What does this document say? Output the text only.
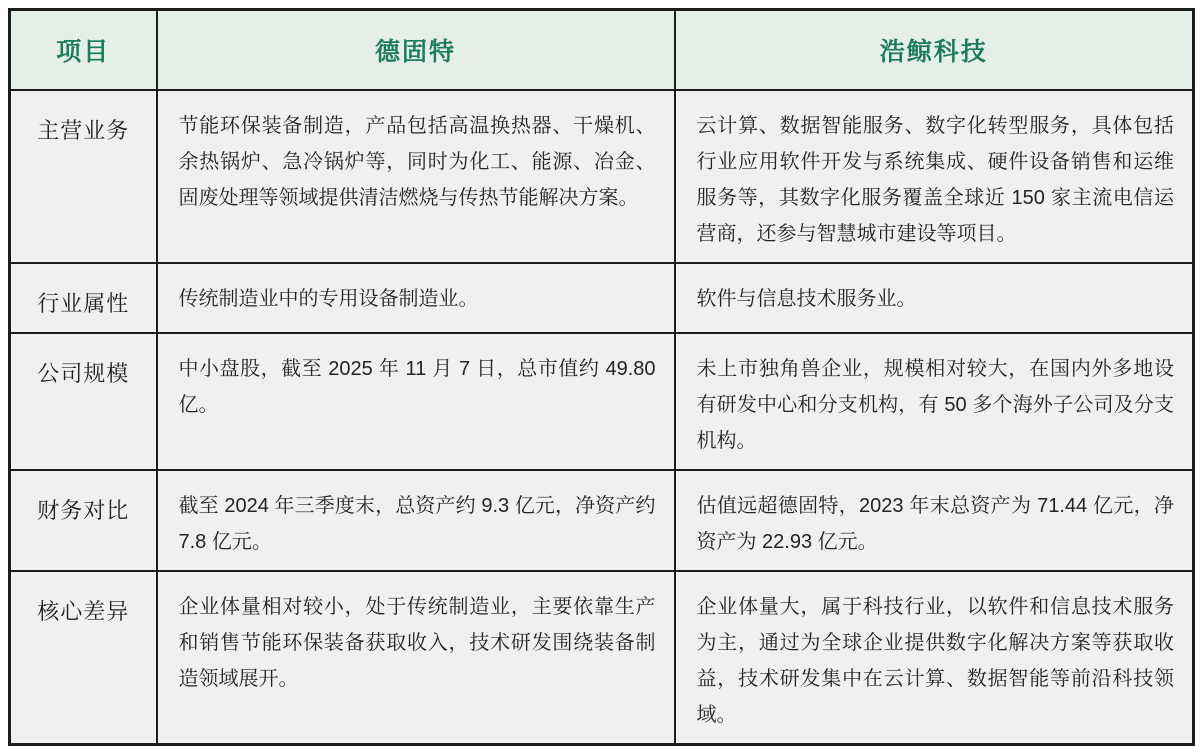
项目	德固特	浩鲸科技
主营业务	节能环保装备制造，产品包括高温换热器、干燥机、余热锅炉、急冷锅炉等，同时为化工、能源、冶金、固废处理等领域提供清洁燃烧与传热节能解决方案。	云计算、数据智能服务、数字化转型服务，具体包括行业应用软件开发与系统集成、硬件设备销售和运维服务等，其数字化服务覆盖全球近 150 家主流电信运营商，还参与智慧城市建设等项目。
行业属性	传统制造业中的专用设备制造业。	软件与信息技术服务业。
公司规模	中小盘股，截至 2025 年 11 月 7 日，总市值约 49.80 亿。	未上市独角兽企业，规模相对较大，在国内外多地设有研发中心和分支机构，有 50 多个海外子公司及分支机构。
财务对比	截至 2024 年三季度末，总资产约 9.3 亿元，净资产约 7.8 亿元。	估值远超德固特，2023 年末总资产为 71.44 亿元，净资产为 22.93 亿元。
核心差异	企业体量相对较小，处于传统制造业，主要依靠生产和销售节能环保装备获取收入，技术研发围绕装备制造领域展开。	企业体量大，属于科技行业，以软件和信息技术服务为主，通过为全球企业提供数字化解决方案等获取收益，技术研发集中在云计算、数据智能等前沿科技领域。
